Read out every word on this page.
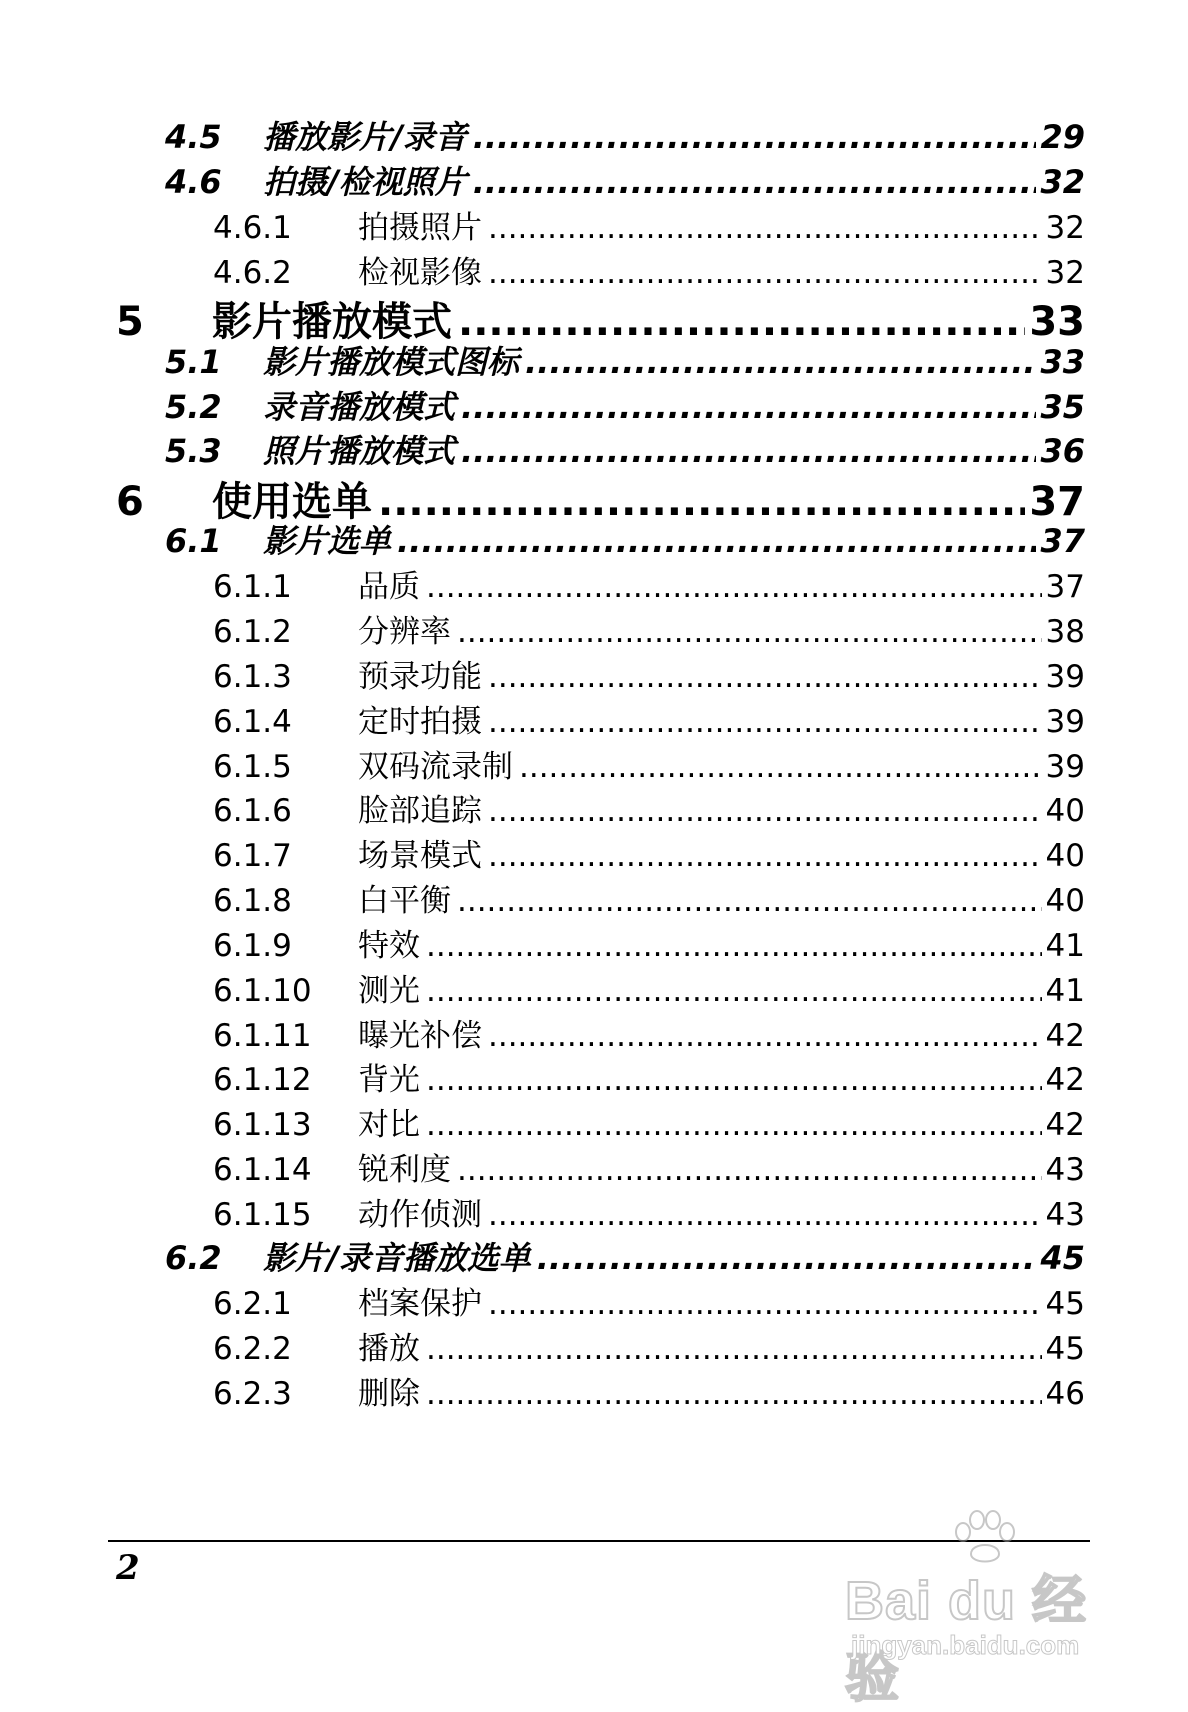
4.5	播放影片/录音 .....	29
4.6	拍摄/检视照片 .....	32
4.6.1	拍摄照片 .....	32
4.6.2	检视影像 .....	32
5	影片播放模式 .....	33
5.1	影片播放模式图标 .....	33
5.2	录音播放模式 .....	35
5.3	照片播放模式 .....	36
6	使用选单 .....	37
6.1	影片选单 .....	37
6.1.1	品质 .....	37
6.1.2	分辨率 .....	38
6.1.3	预录功能 .....	39
6.1.4	定时拍摄 .....	39
6.1.5	双码流录制 .....	39
6.1.6	脸部追踪 .....	40
6.1.7	场景模式 .....	40
6.1.8	白平衡 .....	40
6.1.9	特效 .....	41
6.1.10	测光 .....	41
6.1.11	曝光补偿 .....	42
6.1.12	背光 .....	42
6.1.13	对比 .....	42
6.1.14	锐利度 .....	43
6.1.15	动作侦测 .....	43
6.2	影片/录音播放选单 .....	45
6.2.1	档案保护 .....	45
6.2.2	播放 .....	45
6.2.3	删除 .....	46
2
Bai du 经验
jingyan.baidu.com
